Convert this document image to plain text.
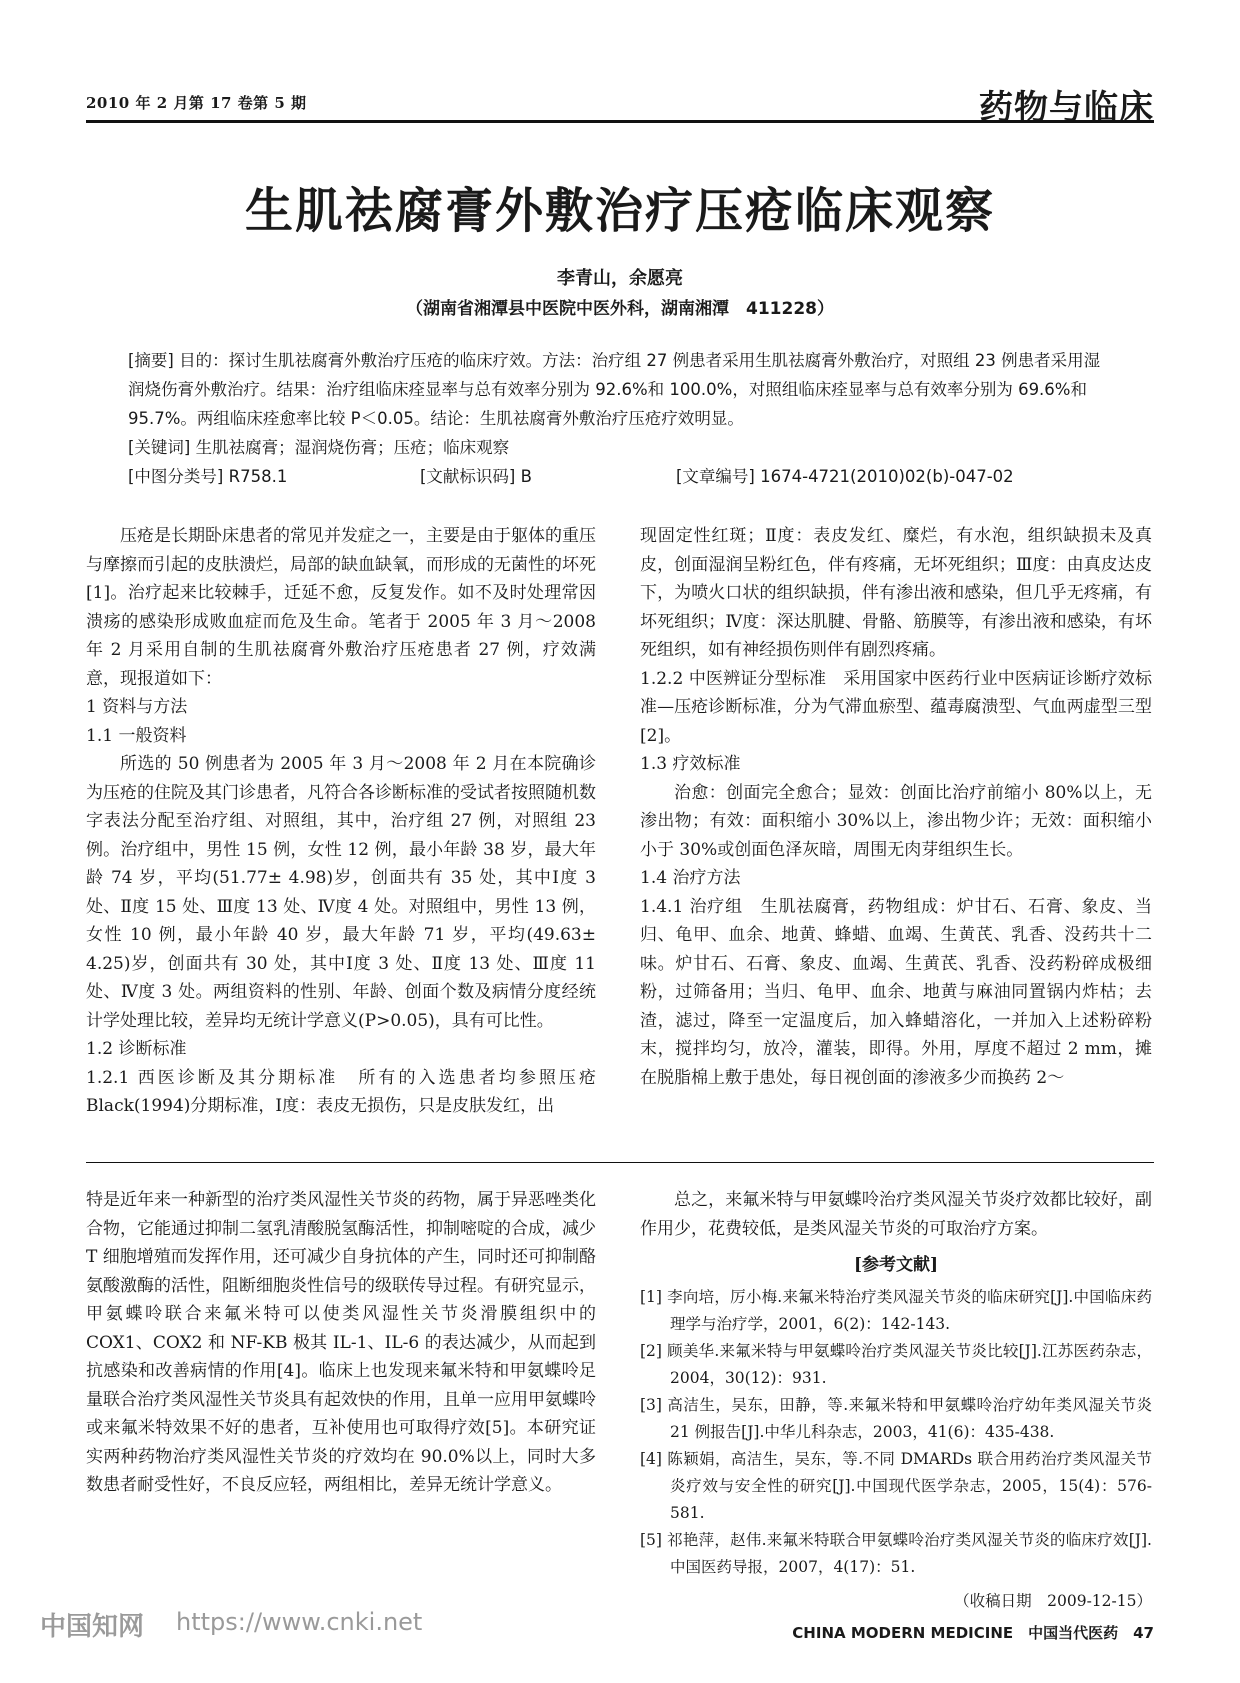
2010 年 2 月第 17 卷第 5 期	药物与临床
生肌祛腐膏外敷治疗压疮临床观察
李青山，余愿亮
（湖南省湘潭县中医院中医外科，湖南湘潭　411228）

[摘要] 目的：探讨生肌祛腐膏外敷治疗压疮的临床疗效。方法：治疗组 27 例患者采用生肌祛腐膏外敷治疗，对照组 23 例患者采用湿润烧伤膏外敷治疗。结果：治疗组临床痊显率与总有效率分别为 92.6%和 100.0%，对照组临床痊显率与总有效率分别为 69.6%和 95.7%。两组临床痊愈率比较 P＜0.05。结论：生肌祛腐膏外敷治疗压疮疗效明显。

[关键词] 生肌祛腐膏；湿润烧伤膏；压疮；临床观察

[中图分类号] R758.1	[文献标识码] B	[文章编号] 1674-4721(2010)02(b)-047-02

压疮是长期卧床患者的常见并发症之一，主要是由于躯体的重压与摩擦而引起的皮肤溃烂，局部的缺血缺氧，而形成的无菌性的坏死[1]。治疗起来比较棘手，迁延不愈，反复发作。如不及时处理常因溃疡的感染形成败血症而危及生命。笔者于 2005 年 3 月～2008 年 2 月采用自制的生肌祛腐膏外敷治疗压疮患者 27 例，疗效满意，现报道如下：

1 资料与方法

1.1 一般资料

所选的 50 例患者为 2005 年 3 月～2008 年 2 月在本院确诊为压疮的住院及其门诊患者，凡符合各诊断标准的受试者按照随机数字表法分配至治疗组、对照组，其中，治疗组 27 例，对照组 23 例。治疗组中，男性 15 例，女性 12 例，最小年龄 38 岁，最大年龄 74 岁，平均(51.77± 4.98)岁，创面共有 35 处，其中Ⅰ度 3 处、Ⅱ度 15 处、Ⅲ度 13 处、Ⅳ度 4 处。对照组中，男性 13 例，女性 10 例，最小年龄 40 岁，最大年龄 71 岁，平均(49.63± 4.25)岁，创面共有 30 处，其中Ⅰ度 3 处、Ⅱ度 13 处、Ⅲ度 11 处、Ⅳ度 3 处。两组资料的性别、年龄、创面个数及病情分度经统计学处理比较，差异均无统计学意义(P>0.05)，具有可比性。

1.2 诊断标准

1.2.1 西医诊断及其分期标准　所有的入选患者均参照压疮 Black(1994)分期标准，Ⅰ度：表皮无损伤，只是皮肤发红，出

现固定性红斑；Ⅱ度：表皮发红、糜烂，有水泡，组织缺损未及真皮，创面湿润呈粉红色，伴有疼痛，无坏死组织；Ⅲ度：由真皮达皮下，为喷火口状的组织缺损，伴有渗出液和感染，但几乎无疼痛，有坏死组织；Ⅳ度：深达肌腱、骨骼、筋膜等，有渗出液和感染，有坏死组织，如有神经损伤则伴有剧烈疼痛。

1.2.2 中医辨证分型标准　采用国家中医药行业中医病证诊断疗效标准—压疮诊断标准，分为气滞血瘀型、蕴毒腐溃型、气血两虚型三型[2]。

1.3 疗效标准

治愈：创面完全愈合；显效：创面比治疗前缩小 80%以上，无渗出物；有效：面积缩小 30%以上，渗出物少许；无效：面积缩小小于 30%或创面色泽灰暗，周围无肉芽组织生长。

1.4 治疗方法

1.4.1 治疗组　生肌祛腐膏，药物组成：炉甘石、石膏、象皮、当归、龟甲、血余、地黄、蜂蜡、血竭、生黄芪、乳香、没药共十二味。炉甘石、石膏、象皮、血竭、生黄芪、乳香、没药粉碎成极细粉，过筛备用；当归、龟甲、血余、地黄与麻油同置锅内炸枯；去渣，滤过，降至一定温度后，加入蜂蜡溶化，一并加入上述粉碎粉末，搅拌均匀，放冷，灌装，即得。外用，厚度不超过 2 mm，摊在脱脂棉上敷于患处，每日视创面的渗液多少而换药 2～

特是近年来一种新型的治疗类风湿性关节炎的药物，属于异恶唑类化合物，它能通过抑制二氢乳清酸脱氢酶活性，抑制嘧啶的合成，减少 T 细胞增殖而发挥作用，还可减少自身抗体的产生，同时还可抑制酪氨酸激酶的活性，阻断细胞炎性信号的级联传导过程。有研究显示，甲氨蝶呤联合来氟米特可以使类风湿性关节炎滑膜组织中的 COX1、COX2 和 NF-KB 极其 IL-1、IL-6 的表达减少，从而起到抗感染和改善病情的作用[4]。临床上也发现来氟米特和甲氨蝶呤足量联合治疗类风湿性关节炎具有起效快的作用，且单一应用甲氨蝶呤或来氟米特效果不好的患者，互补使用也可取得疗效[5]。本研究证实两种药物治疗类风湿性关节炎的疗效均在 90.0%以上，同时大多数患者耐受性好，不良反应轻，两组相比，差异无统计学意义。

总之，来氟米特与甲氨蝶呤治疗类风湿关节炎疗效都比较好，副作用少，花费较低，是类风湿关节炎的可取治疗方案。

[参考文献]

[1] 李向培，厉小梅.来氟米特治疗类风湿关节炎的临床研究[J].中国临床药理学与治疗学，2001，6(2)：142-143.

[2] 顾美华.来氟米特与甲氨蝶呤治疗类风湿关节炎比较[J].江苏医药杂志，2004，30(12)：931.

[3] 高洁生，吴东，田静，等.来氟米特和甲氨蝶呤治疗幼年类风湿关节炎 21 例报告[J].中华儿科杂志，2003，41(6)：435-438.

[4] 陈颖娟，高洁生，吴东，等.不同 DMARDs 联合用药治疗类风湿关节炎疗效与安全性的研究[J].中国现代医学杂志，2005，15(4)：576-581.

[5] 祁艳萍，赵伟.来氟米特联合甲氨蝶呤治疗类风湿关节炎的临床疗效[J].中国医药导报，2007，4(17)：51.

（收稿日期　2009-12-15）
中国知网 https://www.cnki.net	CHINA MODERN MEDICINE　中国当代医药　47
